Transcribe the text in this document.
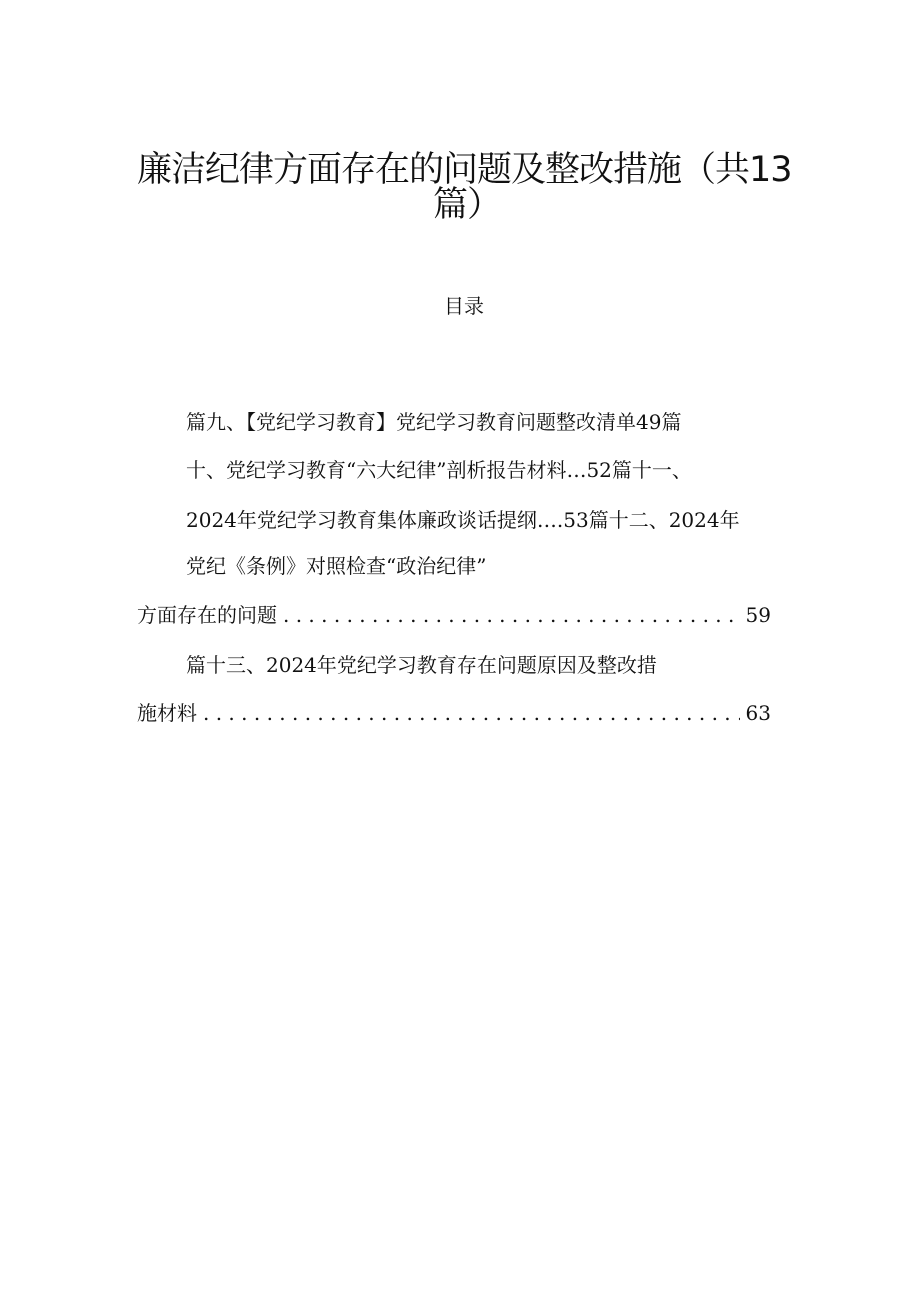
廉洁纪律方面存在的问题及整改措施（共13
篇）
目录
篇九、【党纪学习教育】党纪学习教育问题整改清单49篇
十、党纪学习教育“六大纪律”剖析报告材料…52篇十一、
2024年党纪学习教育集体廉政谈话提纲….53篇十二、2024年
党纪《条例》对照检查“政治纪律”
方面存在的问题 . . .	59
篇十三、2024年党纪学习教育存在问题原因及整改措
施材料 . . .	63
